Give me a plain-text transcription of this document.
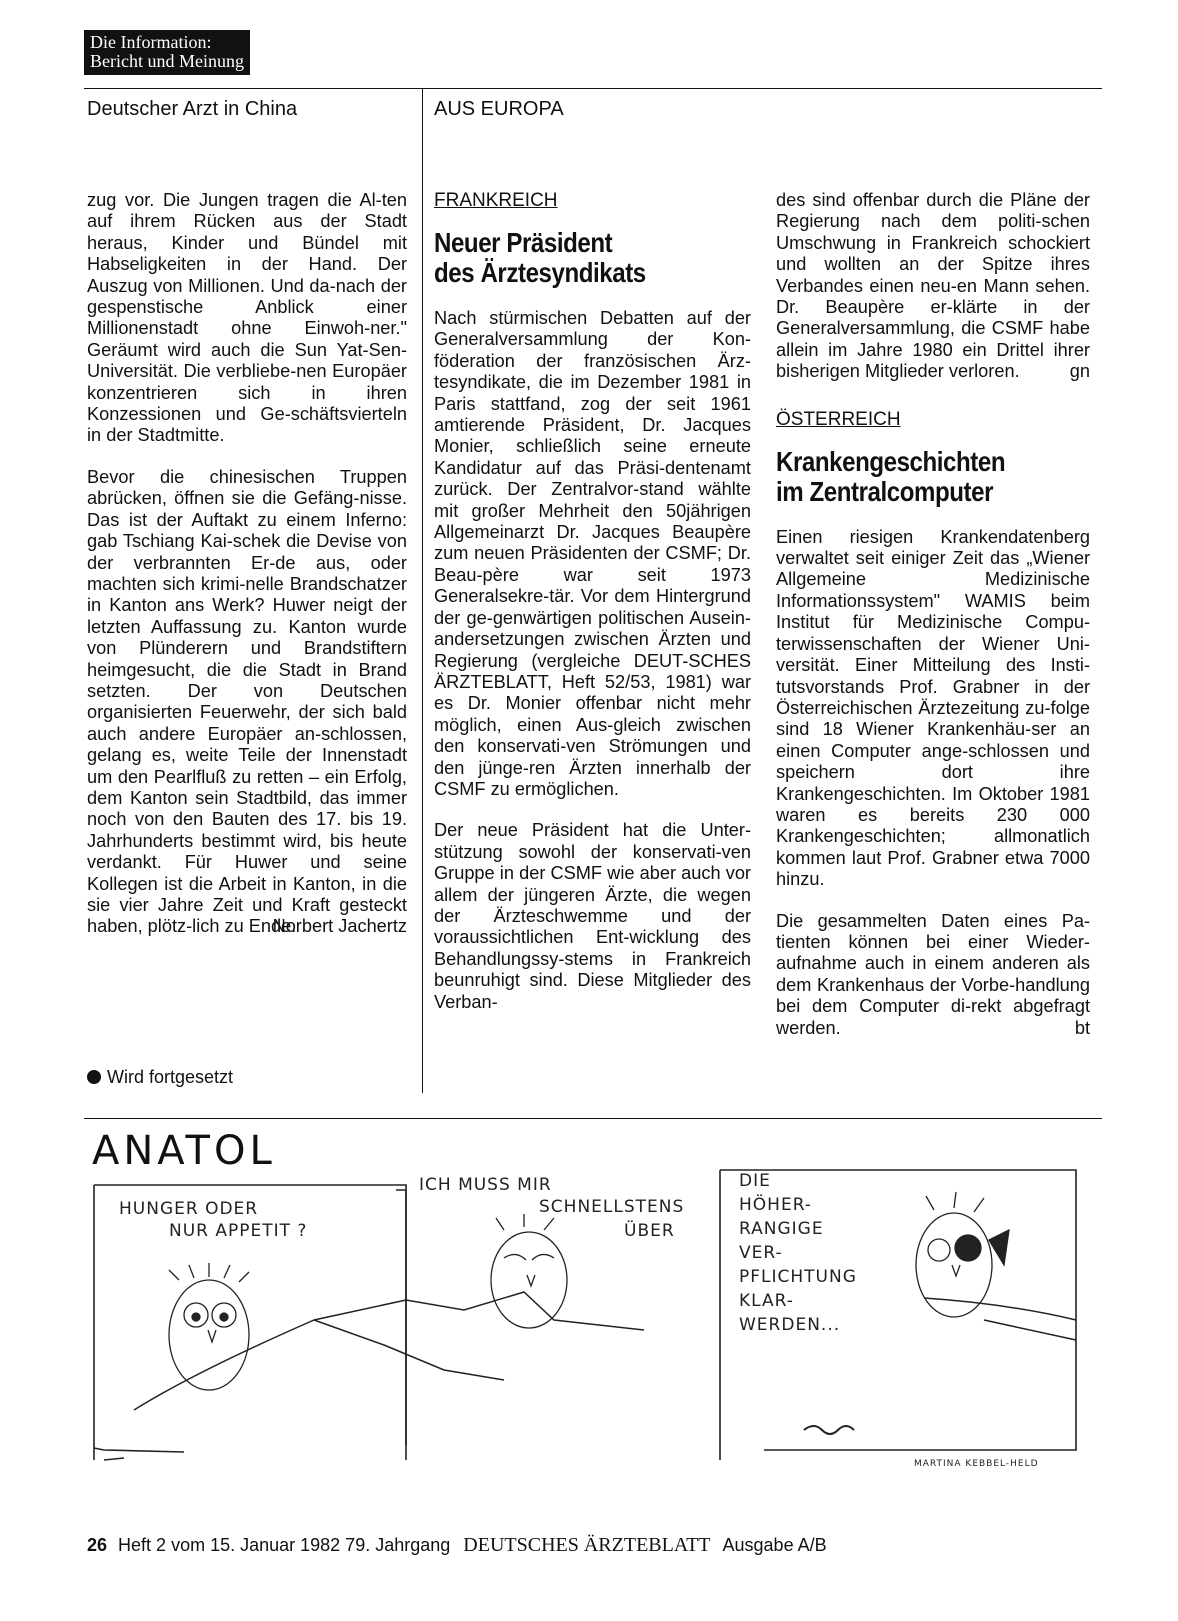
Die Information:
Bericht und Meinung
Deutscher Arzt in China	AUS EUROPA

zug vor. Die Jungen tragen die Al-ten auf ihrem Rücken aus der Stadt heraus, Kinder und Bündel mit Habseligkeiten in der Hand. Der Auszug von Millionen. Und da-nach der gespenstische Anblick einer Millionenstadt ohne Einwoh-ner." Geräumt wird auch die Sun Yat-Sen-Universität. Die verbliebe-nen Europäer konzentrieren sich in ihren Konzessionen und Ge-schäftsvierteln in der Stadtmitte.

Bevor die chinesischen Truppen abrücken, öffnen sie die Gefäng-nisse. Das ist der Auftakt zu einem Inferno: gab Tschiang Kai-schek die Devise von der verbrannten Er-de aus, oder machten sich krimi-nelle Brandschatzer in Kanton ans Werk? Huwer neigt der letzten Auffassung zu. Kanton wurde von Plünderern und Brandstiftern heimgesucht, die die Stadt in Brand setzten. Der von Deutschen organisierten Feuerwehr, der sich bald auch andere Europäer an-schlossen, gelang es, weite Teile der Innenstadt um den Pearlfluß zu retten – ein Erfolg, dem Kanton sein Stadtbild, das immer noch von den Bauten des 17. bis 19. Jahrhunderts bestimmt wird, bis heute verdankt. Für Huwer und seine Kollegen ist die Arbeit in Kanton, in die sie vier Jahre Zeit und Kraft gesteckt haben, plötz-lich zu Ende.

Norbert Jachertz
Wird fortgesetzt
FRANKREICH
Neuer Präsident
des Ärztesyndikats

Nach stürmischen Debatten auf der Generalversammlung der Kon-föderation der französischen Ärz-tesyndikate, die im Dezember 1981 in Paris stattfand, zog der seit 1961 amtierende Präsident, Dr. Jacques Monier, schließlich seine erneute Kandidatur auf das Präsi-dentenamt zurück. Der Zentralvor-stand wählte mit großer Mehrheit den 50jährigen Allgemeinarzt Dr. Jacques Beaupère zum neuen Präsidenten der CSMF; Dr. Beau-père war seit 1973 Generalsekre-tär. Vor dem Hintergrund der ge-genwärtigen politischen Ausein-andersetzungen zwischen Ärzten und Regierung (vergleiche DEUT-SCHES ÄRZTEBLATT, Heft 52/53, 1981) war es Dr. Monier offenbar nicht mehr möglich, einen Aus-gleich zwischen den konservati-ven Strömungen und den jünge-ren Ärzten innerhalb der CSMF zu ermöglichen.

Der neue Präsident hat die Unter-stützung sowohl der konservati-ven Gruppe in der CSMF wie aber auch vor allem der jüngeren Ärzte, die wegen der Ärzteschwemme und der voraussichtlichen Ent-wicklung des Behandlungssy-stems in Frankreich beunruhigt sind. Diese Mitglieder des Verban-

des sind offenbar durch die Pläne der Regierung nach dem politi-schen Umschwung in Frankreich schockiert und wollten an der Spitze ihres Verbandes einen neu-en Mann sehen. Dr. Beaupère er-klärte in der Generalversammlung, die CSMF habe allein im Jahre 1980 ein Drittel ihrer bisherigen Mitglieder verloren.	gn
ÖSTERREICH
Krankengeschichten
im Zentralcomputer

Einen riesigen Krankendatenberg verwaltet seit einiger Zeit das „Wiener Allgemeine Medizinische Informationssystem" WAMIS beim Institut für Medizinische Compu-terwissenschaften der Wiener Uni-versität. Einer Mitteilung des Insti-tutsvorstands Prof. Grabner in der Österreichischen Ärztezeitung zu-folge sind 18 Wiener Krankenhäu-ser an einen Computer ange-schlossen und speichern dort ihre Krankengeschichten. Im Oktober 1981 waren es bereits 230 000 Krankengeschichten; allmonatlich kommen laut Prof. Grabner etwa 7000 hinzu.

Die gesammelten Daten eines Pa-tienten können bei einer Wieder-aufnahme auch in einem anderen als dem Krankenhaus der Vorbe-handlung bei dem Computer di-rekt abgefragt werden.	bt
ANATOL
HUNGER ODER
NUR APPETIT ?
ICH MUSS MIR
SCHNELLSTENS
ÜBER
DIE
HÖHER-
RANGIGE
VER-
PFLICHTUNG
KLAR-
WERDEN...
MARTINA KEBBEL-HELD
26 Heft 2 vom 15. Januar 1982 79. Jahrgang DEUTSCHES ÄRZTEBLATT Ausgabe A/B
